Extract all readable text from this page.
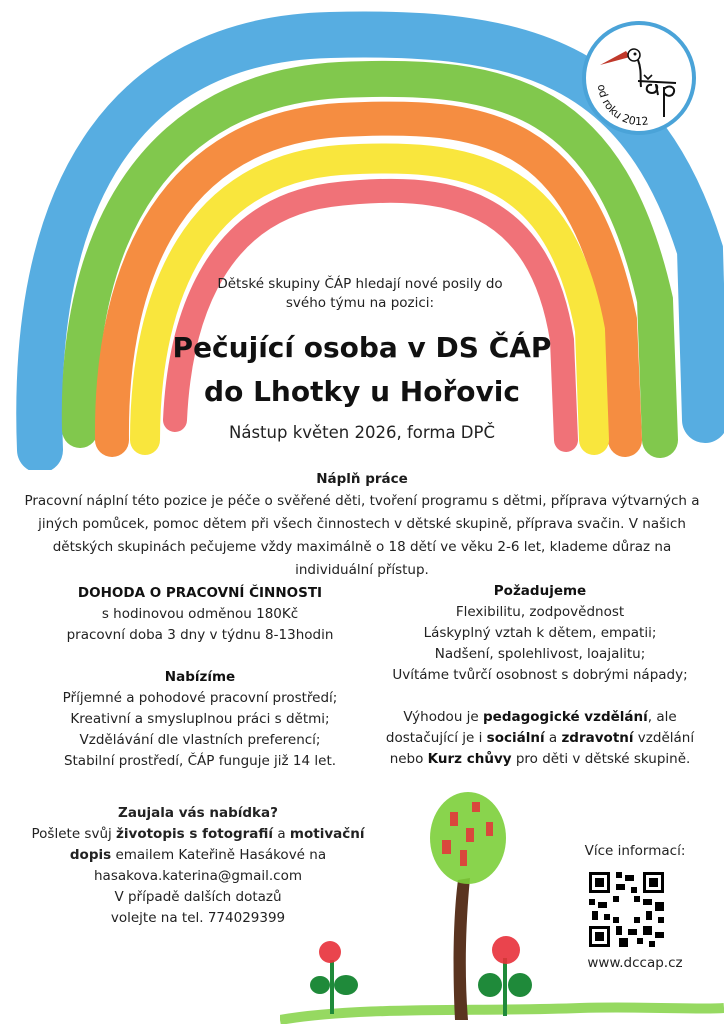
od roku 2012
Dětské skupiny ČÁP hledají nové posily do
svého týmu na pozici:
Pečující osoba v DS ČÁP
do Lhotky u Hořovic
Nástup květen 2026, forma DPČ
Náplň práce
Pracovní náplní této pozice je péče o svěřené děti, tvoření programu s dětmi, příprava výtvarných a jiných pomůcek, pomoc dětem při všech činnostech v dětské skupině, příprava svačin. V našich dětských skupinách pečujeme vždy maximálně o 18 dětí ve věku 2-6 let, klademe důraz na individuální přístup.
DOHODA O PRACOVNÍ ČINNOSTI
s hodinovou odměnou 180Kč
pracovní doba 3 dny v týdnu 8-13hodin
Nabízíme
Příjemné a pohodové pracovní prostředí;
Kreativní a smysluplnou práci s dětmi;
Vzdělávání dle vlastních preferencí;
Stabilní prostředí, ČÁP funguje již 14 let.
Požadujeme
Flexibilitu, zodpovědnost
Láskyplný vztah k dětem, empatii;
Nadšení, spolehlivost, loajalitu;
Uvítáme tvůrčí osobnost s dobrými nápady;
Výhodou je pedagogické vzdělání, ale
dostačující je i sociální a zdravotní vzdělání
nebo Kurz chůvy pro děti v dětské skupině.
Zaujala vás nabídka?
Pošlete svůj životopis s fotografií a motivační
dopis emailem Kateřině Hasákové na
hasakova.katerina@gmail.com
V případě dalších dotazů
volejte na tel. 774029399
Více informací:
www.dccap.cz
